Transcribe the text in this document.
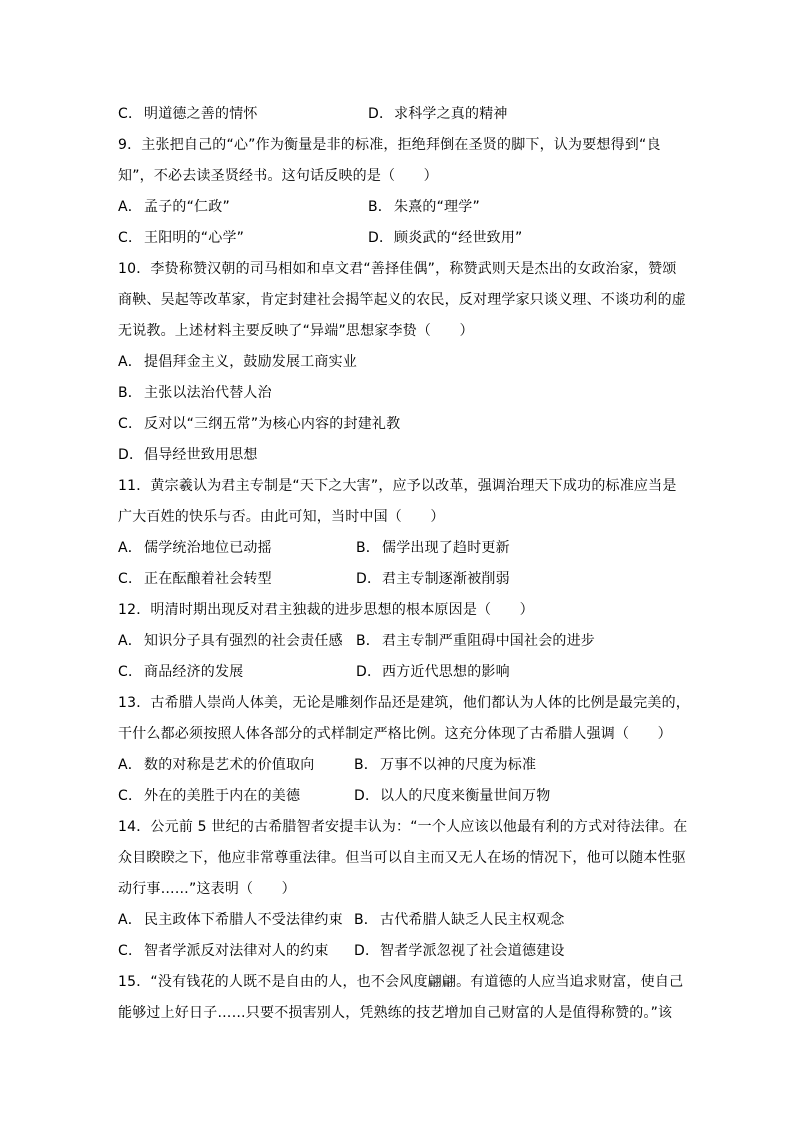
C． 明道德之善的情怀	D．求科学之真的精神
9．主张把自己的“心”作为衡量是非的标准，拒绝拜倒在圣贤的脚下，认为要想得到“良
知”，不必去读圣贤经书。这句话反映的是（　　）
A． 孟子的“仁政”	B． 朱熹的“理学”
C． 王阳明的“心学”	D．顾炎武的“经世致用”
10．李贽称赞汉朝的司马相如和卓文君“善择佳偶”，称赞武则天是杰出的女政治家，赞颂
商鞅、吴起等改革家，肯定封建社会揭竿起义的农民，反对理学家只谈义理、不谈功利的虚
无说教。上述材料主要反映了“异端”思想家李贽（　　）
A． 提倡拜金主义，鼓励发展工商实业
B． 主张以法治代替人治
C． 反对以“三纲五常”为核心内容的封建礼教
D．倡导经世致用思想
11．黄宗羲认为君主专制是“天下之大害”，应予以改革，强调治理天下成功的标准应当是
广大百姓的快乐与否。由此可知，当时中国（　　）
A． 儒学统治地位已动摇	B． 儒学出现了趋时更新
C． 正在酝酿着社会转型	D．君主专制逐渐被削弱
12．明清时期出现反对君主独裁的进步思想的根本原因是（　　）
A． 知识分子具有强烈的社会责任感 B． 君主专制严重阻碍中国社会的进步
C． 商品经济的发展	D．西方近代思想的影响
13．古希腊人崇尚人体美，无论是雕刻作品还是建筑，他们都认为人体的比例是最完美的，
干什么都必须按照人体各部分的式样制定严格比例。这充分体现了古希腊人强调（　　）
A． 数的对称是艺术的价值取向	B． 万事不以神的尺度为标准
C． 外在的美胜于内在的美德	D．以人的尺度来衡量世间万物
14．公元前 5 世纪的古希腊智者安提丰认为：“一个人应该以他最有利的方式对待法律。在
众目睽睽之下，他应非常尊重法律。但当可以自主而又无人在场的情况下，他可以随本性驱
动行事……”这表明（　　）
A． 民主政体下希腊人不受法律约束 B． 古代希腊人缺乏人民主权观念
C． 智者学派反对法律对人的约束	D．智者学派忽视了社会道德建设
15．“没有钱花的人既不是自由的人，也不会风度翩翩。有道德的人应当追求财富，使自己
能够过上好日子……只要不损害别人，凭熟练的技艺增加自己财富的人是值得称赞的。”该
